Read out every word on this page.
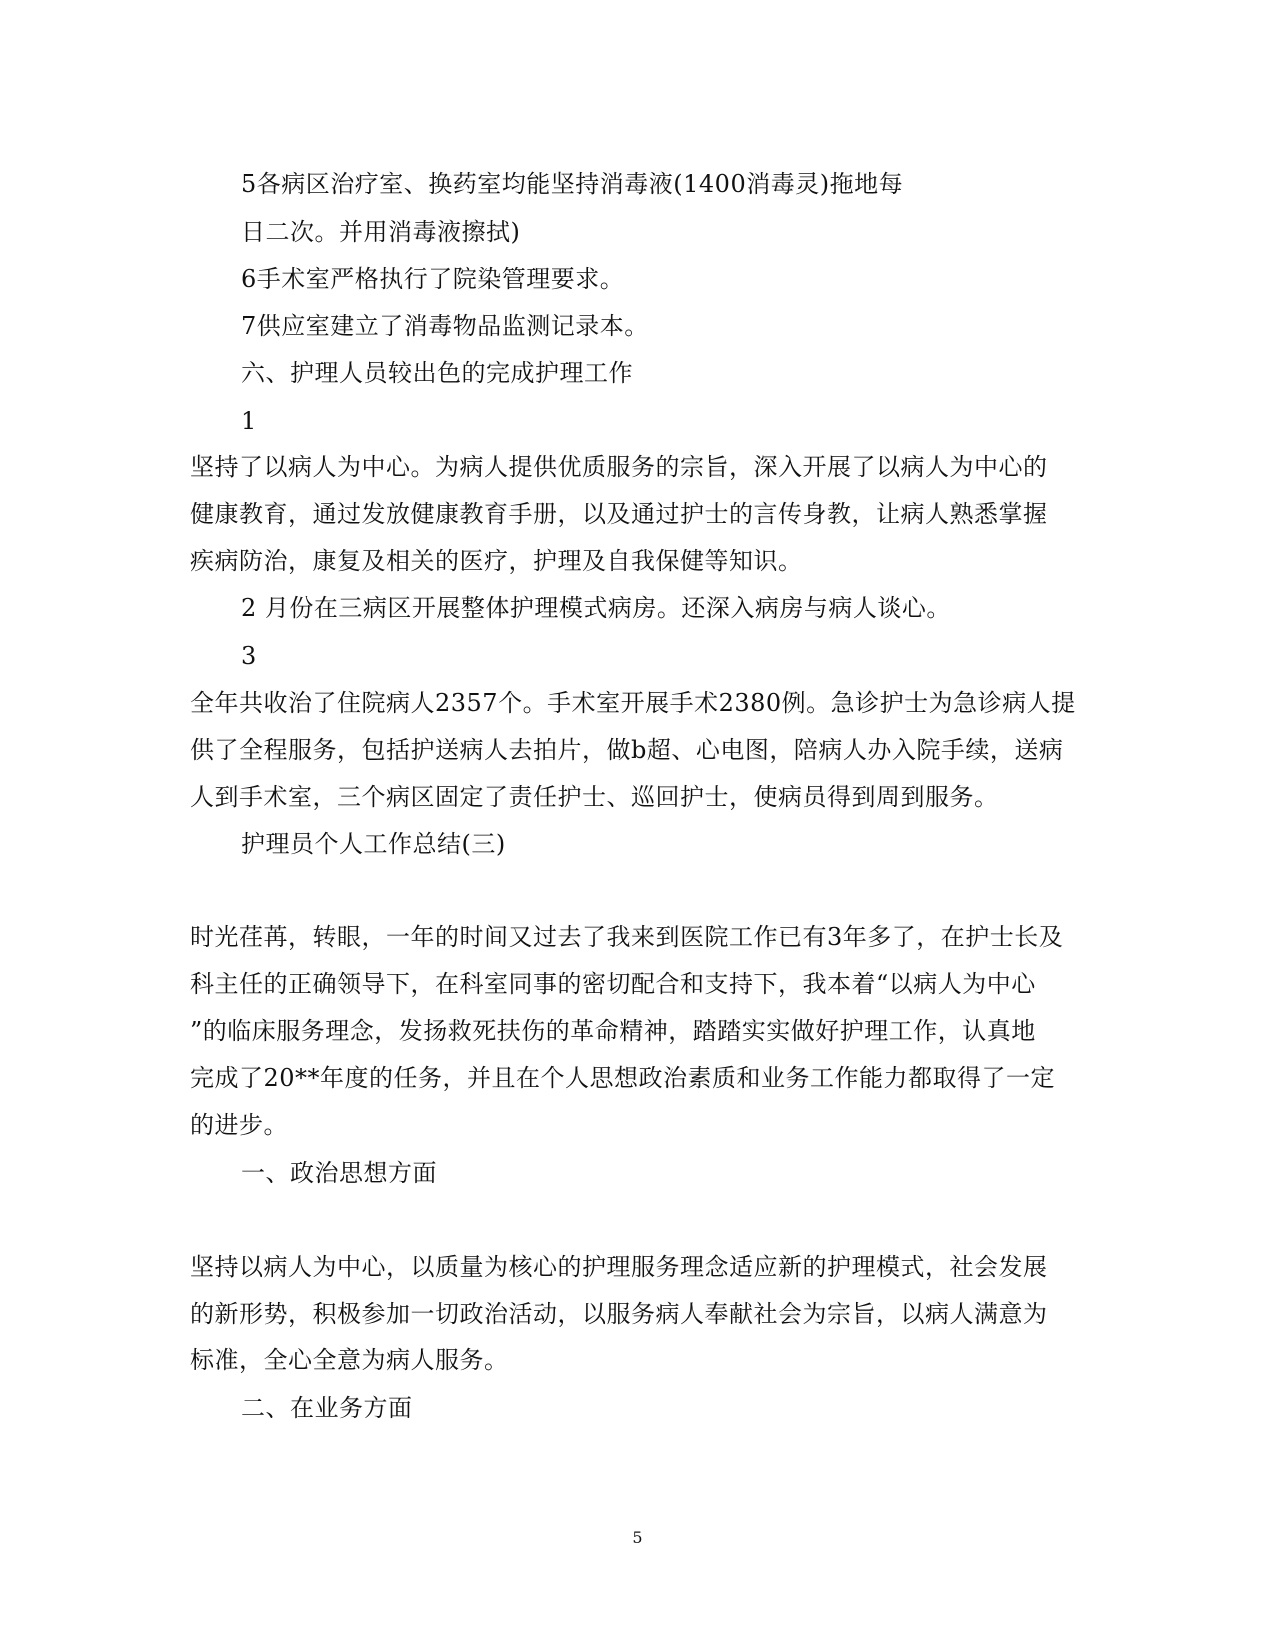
5各病区治疗室、换药室均能坚持消毒液(1400消毒灵)拖地每

日二次。并用消毒液擦拭)

6手术室严格执行了院染管理要求。

7供应室建立了消毒物品监测记录本。

六、护理人员较出色的完成护理工作

1

坚持了以病人为中心。为病人提供优质服务的宗旨，深入开展了以病人为中心的

健康教育，通过发放健康教育手册，以及通过护士的言传身教，让病人熟悉掌握

疾病防治，康复及相关的医疗，护理及自我保健等知识。

2 月份在三病区开展整体护理模式病房。还深入病房与病人谈心。

3

全年共收治了住院病人2357个。手术室开展手术2380例。急诊护士为急诊病人提

供了全程服务，包括护送病人去拍片，做b超、心电图，陪病人办入院手续，送病

人到手术室，三个病区固定了责任护士、巡回护士，使病员得到周到服务。

护理员个人工作总结(三)

时光荏苒，转眼，一年的时间又过去了我来到医院工作已有3年多了，在护士长及

科主任的正确领导下，在科室同事的密切配合和支持下，我本着“以病人为中心

”的临床服务理念，发扬救死扶伤的革命精神，踏踏实实做好护理工作，认真地

完成了20**年度的任务，并且在个人思想政治素质和业务工作能力都取得了一定

的进步。

一、政治思想方面

坚持以病人为中心，以质量为核心的护理服务理念适应新的护理模式，社会发展

的新形势，积极参加一切政治活动，以服务病人奉献社会为宗旨，以病人满意为

标准，全心全意为病人服务。

二、在业务方面

5
